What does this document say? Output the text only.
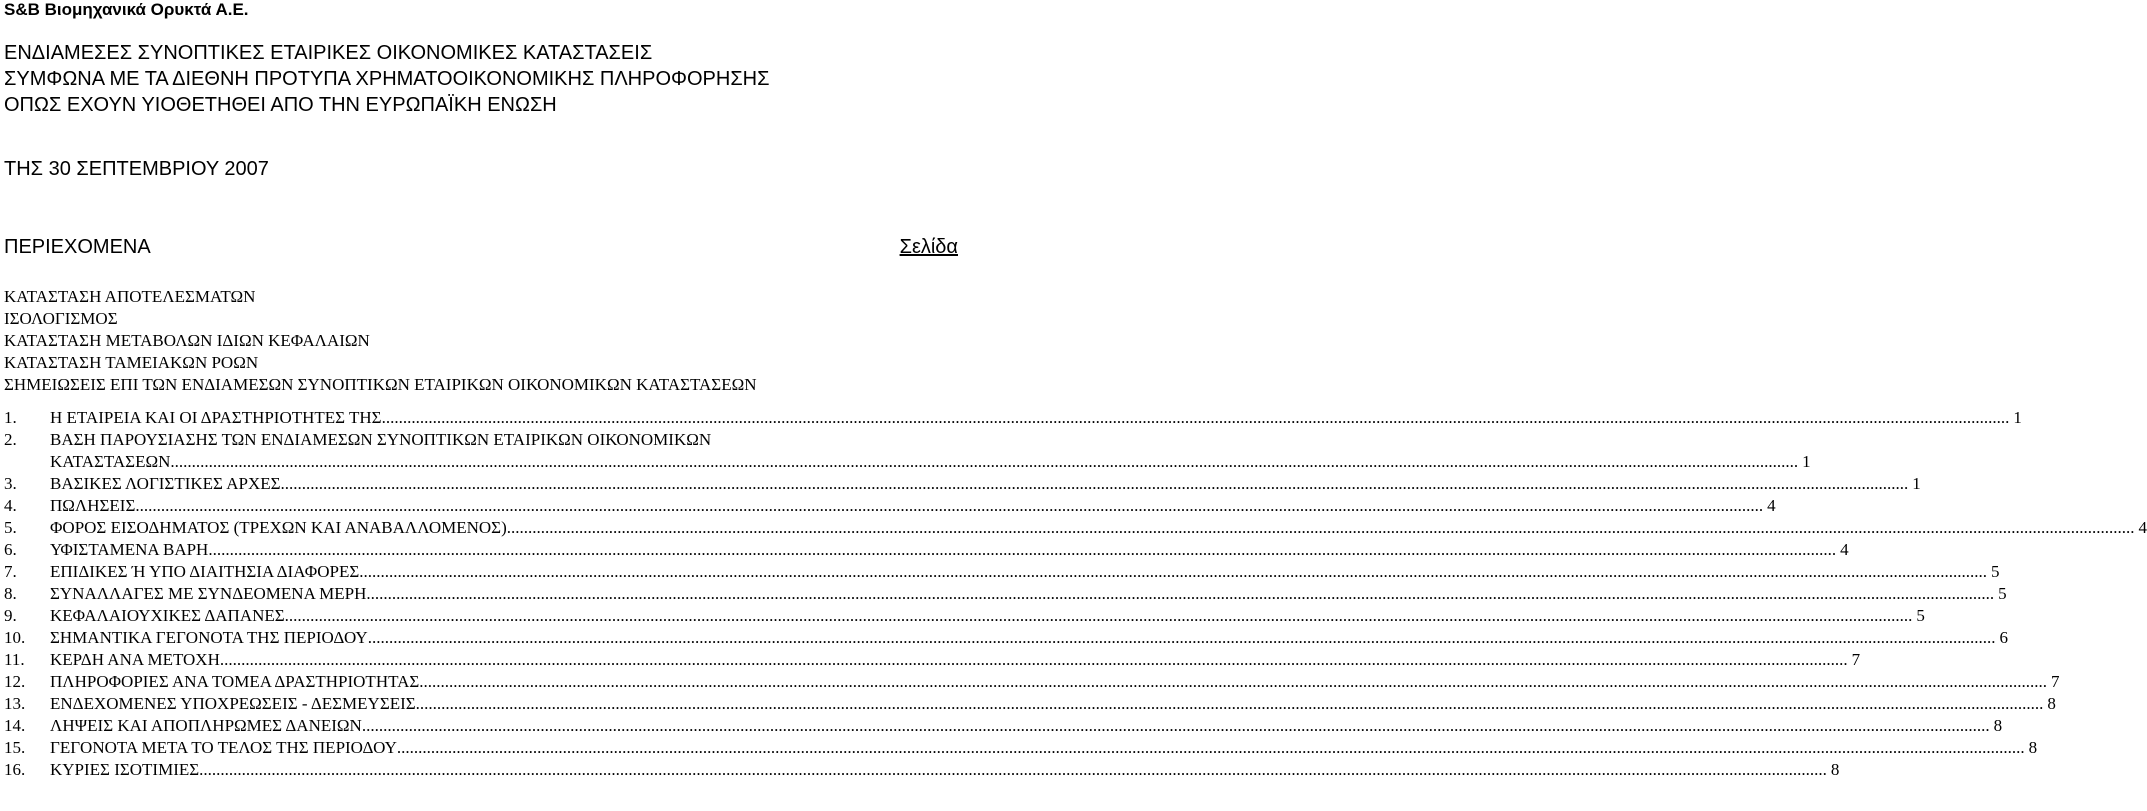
S&B Βιομηχανικά Ορυκτά Α.Ε.
ΕΝΔΙΑΜΕΣΕΣ ΣΥΝΟΠΤΙΚΕΣ ΕΤΑΙΡΙΚΕΣ ΟΙΚΟΝΟΜΙΚΕΣ ΚΑΤΑΣΤΑΣΕΙΣ
ΣΥΜΦΩΝΑ ΜΕ ΤΑ ΔΙΕΘΝΗ ΠΡΟΤΥΠΑ ΧΡΗΜΑΤΟΟΙΚΟΝΟΜΙΚΗΣ ΠΛΗΡΟΦΟΡΗΣΗΣ
ΟΠΩΣ ΕΧΟΥΝ ΥΙΟΘΕΤΗΘΕΙ ΑΠΟ ΤΗΝ ΕΥΡΩΠΑΪΚΗ ΕΝΩΣΗ
ΤΗΣ 30 ΣΕΠΤΕΜΒΡΙΟΥ 2007
ΠΕΡΙΕΧΟΜΕΝΑ	Σελίδα
ΚΑΤΑΣΤΑΣΗ ΑΠΟΤΕΛΕΣΜΑΤΩΝ
ΙΣΟΛΟΓΙΣΜΟΣ
ΚΑΤΑΣΤΑΣΗ ΜΕΤΑΒΟΛΩΝ ΙΔΙΩΝ ΚΕΦΑΛΑΙΩΝ
ΚΑΤΑΣΤΑΣΗ ΤΑΜΕΙΑΚΩΝ ΡΟΩΝ
ΣΗΜΕΙΩΣΕΙΣ ΕΠΙ ΤΩΝ ΕΝΔΙΑΜΕΣΩΝ ΣΥΝΟΠΤΙΚΩΝ ΕΤΑΙΡΙΚΩΝ ΟΙΚΟΝΟΜΙΚΩΝ ΚΑΤΑΣΤΑΣΕΩΝ
1.	Η ΕΤΑΙΡΕΙΑ ΚΑΙ ΟΙ ΔΡΑΣΤΗΡΙΟΤΗΤΕΣ ΤΗΣ .....	1
2.	ΒΑΣΗ ΠΑΡΟΥΣΙΑΣΗΣ ΤΩΝ ΕΝΔΙΑΜΕΣΩΝ ΣΥΝΟΠΤΙΚΩΝ ΕΤΑΙΡΙΚΩΝ ΟΙΚΟΝΟΜΙΚΩΝ
ΚΑΤΑΣΤΑΣΕΩΝ .....	1
3.	ΒΑΣΙΚΕΣ ΛΟΓΙΣΤΙΚΕΣ ΑΡΧΕΣ .....	1
4.	ΠΩΛΗΣΕΙΣ .....	4
5.	ΦΟΡΟΣ ΕΙΣΟΔΗΜΑΤΟΣ (ΤΡΕΧΩΝ ΚΑΙ ΑΝΑΒΑΛΛΟΜΕΝΟΣ) .....	4
6.	ΥΦΙΣΤΑΜΕΝΑ ΒΑΡΗ .....	4
7.	ΕΠΙΔΙΚΕΣ Ή ΥΠΟ ΔΙΑΙΤΗΣΙΑ ΔΙΑΦΟΡΕΣ .....	5
8.	ΣΥΝΑΛΛΑΓΕΣ ΜΕ ΣΥΝΔΕΟΜΕΝΑ ΜΕΡΗ .....	5
9.	ΚΕΦΑΛΑΙΟΥΧΙΚΕΣ ΔΑΠΑΝΕΣ .....	5
10.	ΣΗΜΑΝΤΙΚΑ ΓΕΓΟΝΟΤΑ ΤΗΣ ΠΕΡΙΟΔΟΥ .....	6
11.	ΚΕΡΔΗ ΑΝΑ ΜΕΤΟΧΗ .....	7
12.	ΠΛΗΡΟΦΟΡΙΕΣ ΑΝΑ ΤΟΜΕΑ ΔΡΑΣΤΗΡΙΟΤΗΤΑΣ .....	7
13.	ΕΝΔΕΧΟΜΕΝΕΣ ΥΠΟΧΡΕΩΣΕΙΣ - ΔΕΣΜΕΥΣΕΙΣ .....	8
14.	ΛΗΨΕΙΣ ΚΑΙ ΑΠΟΠΛΗΡΩΜΕΣ ΔΑΝΕΙΩΝ .....	8
15.	ΓΕΓΟΝΟΤΑ ΜΕΤΑ ΤΟ ΤΕΛΟΣ ΤΗΣ ΠΕΡΙΟΔΟΥ .....	8
16.	ΚΥΡΙΕΣ ΙΣΟΤΙΜΙΕΣ .....	8
